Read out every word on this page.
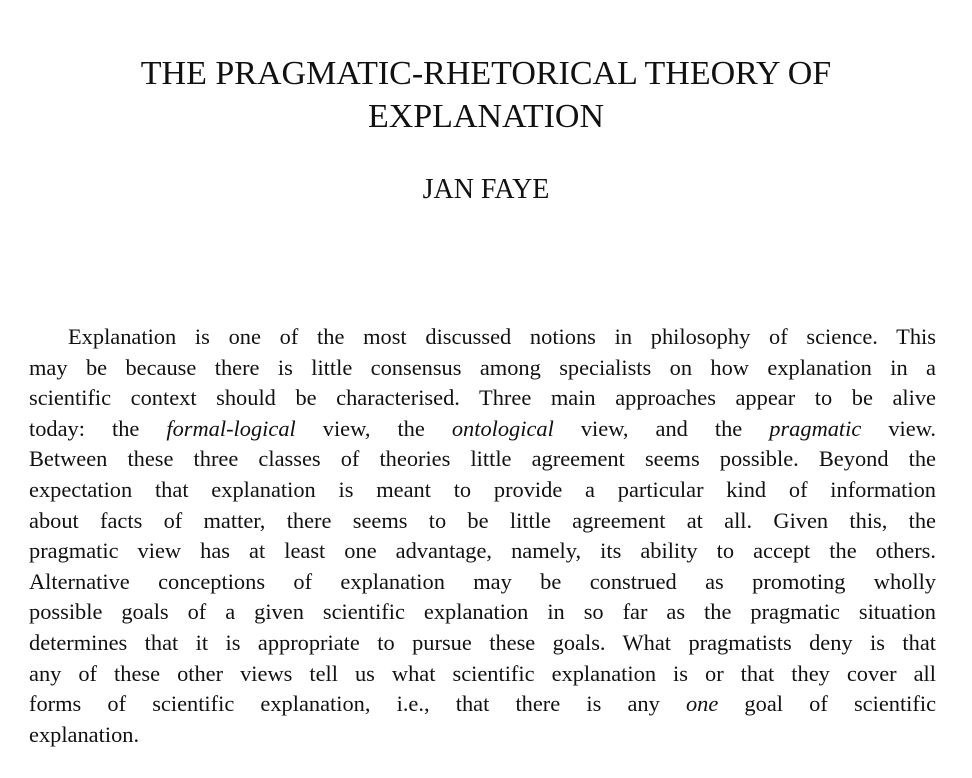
THE PRAGMATIC-RHETORICAL THEORY OF
EXPLANATION
JAN FAYE
Explanation is one of the most discussed notions in philosophy of science. This
may be because there is little consensus among specialists on how explanation in a
scientific context should be characterised. Three main approaches appear to be alive
today: the formal-logical view, the ontological view, and the pragmatic view.
Between these three classes of theories little agreement seems possible. Beyond the
expectation that explanation is meant to provide a particular kind of information
about facts of matter, there seems to be little agreement at all. Given this, the
pragmatic view has at least one advantage, namely, its ability to accept the others.
Alternative conceptions of explanation may be construed as promoting wholly
possible goals of a given scientific explanation in so far as the pragmatic situation
determines that it is appropriate to pursue these goals. What pragmatists deny is that
any of these other views tell us what scientific explanation is or that they cover all
forms of scientific explanation, i.e., that there is any one goal of scientific
explanation.
